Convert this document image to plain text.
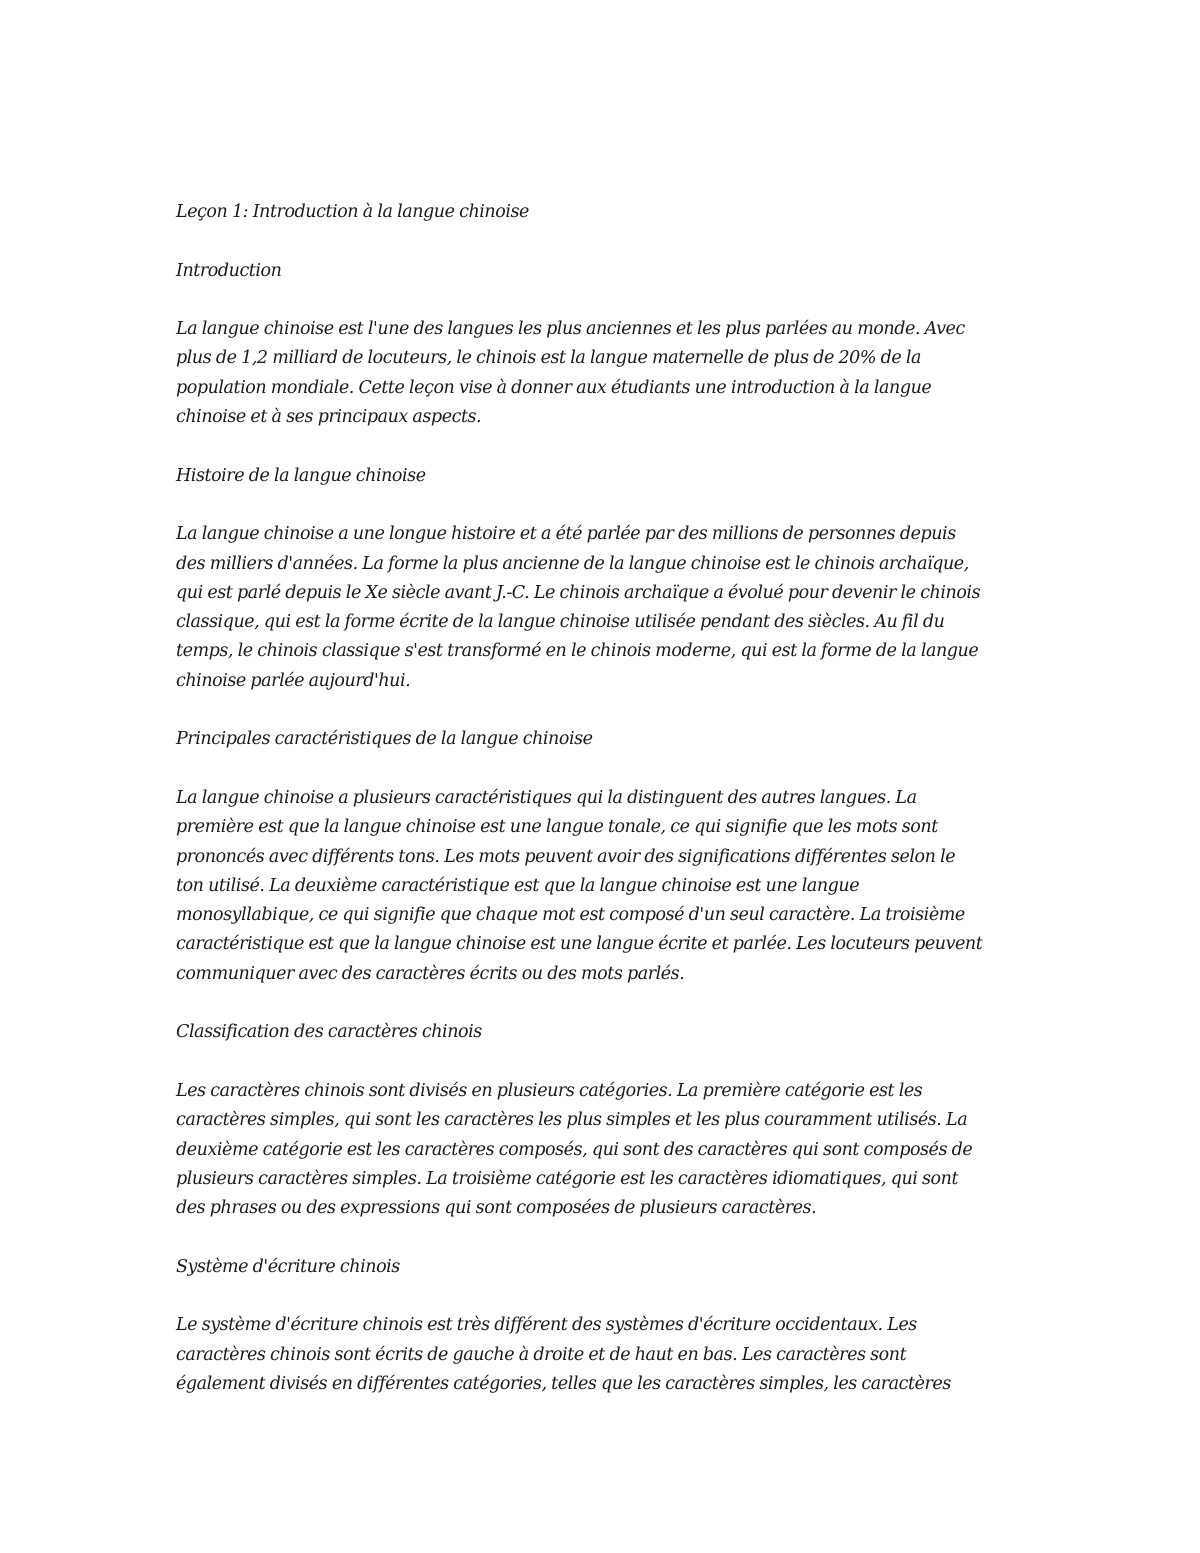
Leçon 1: Introduction à la langue chinoise

Introduction

La langue chinoise est l'une des langues les plus anciennes et les plus parlées au monde. Avec
plus de 1,2 milliard de locuteurs, le chinois est la langue maternelle de plus de 20% de la
population mondiale. Cette leçon vise à donner aux étudiants une introduction à la langue
chinoise et à ses principaux aspects.

Histoire de la langue chinoise

La langue chinoise a une longue histoire et a été parlée par des millions de personnes depuis
des milliers d'années. La forme la plus ancienne de la langue chinoise est le chinois archaïque,
qui est parlé depuis le Xe siècle avant J.-C. Le chinois archaïque a évolué pour devenir le chinois
classique, qui est la forme écrite de la langue chinoise utilisée pendant des siècles. Au fil du
temps, le chinois classique s'est transformé en le chinois moderne, qui est la forme de la langue
chinoise parlée aujourd'hui.

Principales caractéristiques de la langue chinoise

La langue chinoise a plusieurs caractéristiques qui la distinguent des autres langues. La
première est que la langue chinoise est une langue tonale, ce qui signifie que les mots sont
prononcés avec différents tons. Les mots peuvent avoir des significations différentes selon le
ton utilisé. La deuxième caractéristique est que la langue chinoise est une langue
monosyllabique, ce qui signifie que chaque mot est composé d'un seul caractère. La troisième
caractéristique est que la langue chinoise est une langue écrite et parlée. Les locuteurs peuvent
communiquer avec des caractères écrits ou des mots parlés.

Classification des caractères chinois

Les caractères chinois sont divisés en plusieurs catégories. La première catégorie est les
caractères simples, qui sont les caractères les plus simples et les plus couramment utilisés. La
deuxième catégorie est les caractères composés, qui sont des caractères qui sont composés de
plusieurs caractères simples. La troisième catégorie est les caractères idiomatiques, qui sont
des phrases ou des expressions qui sont composées de plusieurs caractères.

Système d'écriture chinois

Le système d'écriture chinois est très différent des systèmes d'écriture occidentaux. Les
caractères chinois sont écrits de gauche à droite et de haut en bas. Les caractères sont
également divisés en différentes catégories, telles que les caractères simples, les caractères
